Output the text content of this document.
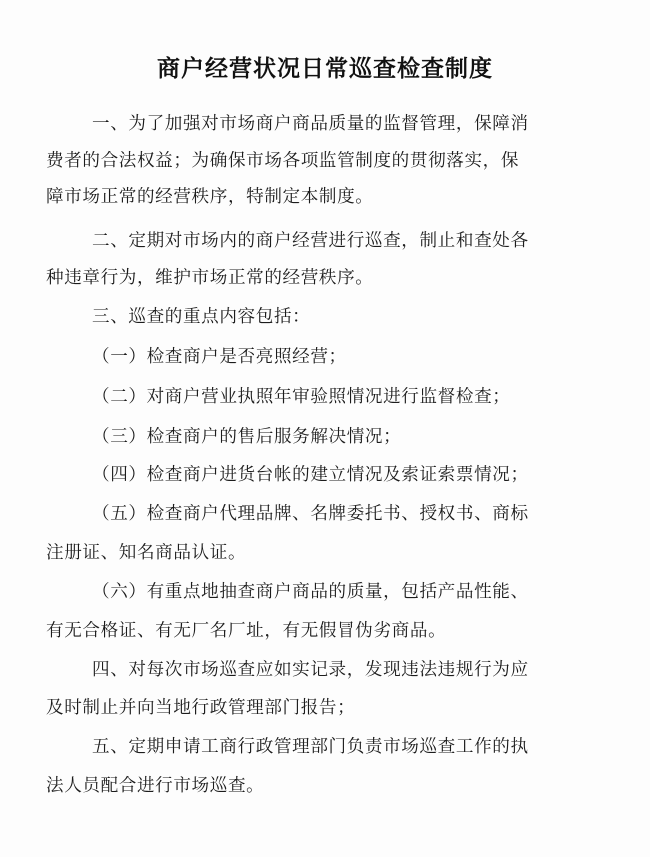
商户经营状况日常巡查检查制度

一、为了加强对市场商户商品质量的监督管理，保障消

费者的合法权益；为确保市场各项监管制度的贯彻落实，保

障市场正常的经营秩序，特制定本制度。

二、定期对市场内的商户经营进行巡查，制止和查处各

种违章行为，维护市场正常的经营秩序。

三、巡查的重点内容包括：

（一）检查商户是否亮照经营；

（二）对商户营业执照年审验照情况进行监督检查；

（三）检查商户的售后服务解决情况；

（四）检查商户进货台帐的建立情况及索证索票情况；

（五）检查商户代理品牌、名牌委托书、授权书、商标

注册证、知名商品认证。

（六）有重点地抽查商户商品的质量，包括产品性能、

有无合格证、有无厂名厂址，有无假冒伪劣商品。

四、对每次市场巡查应如实记录，发现违法违规行为应

及时制止并向当地行政管理部门报告；

五、定期申请工商行政管理部门负责市场巡查工作的执

法人员配合进行市场巡查。
